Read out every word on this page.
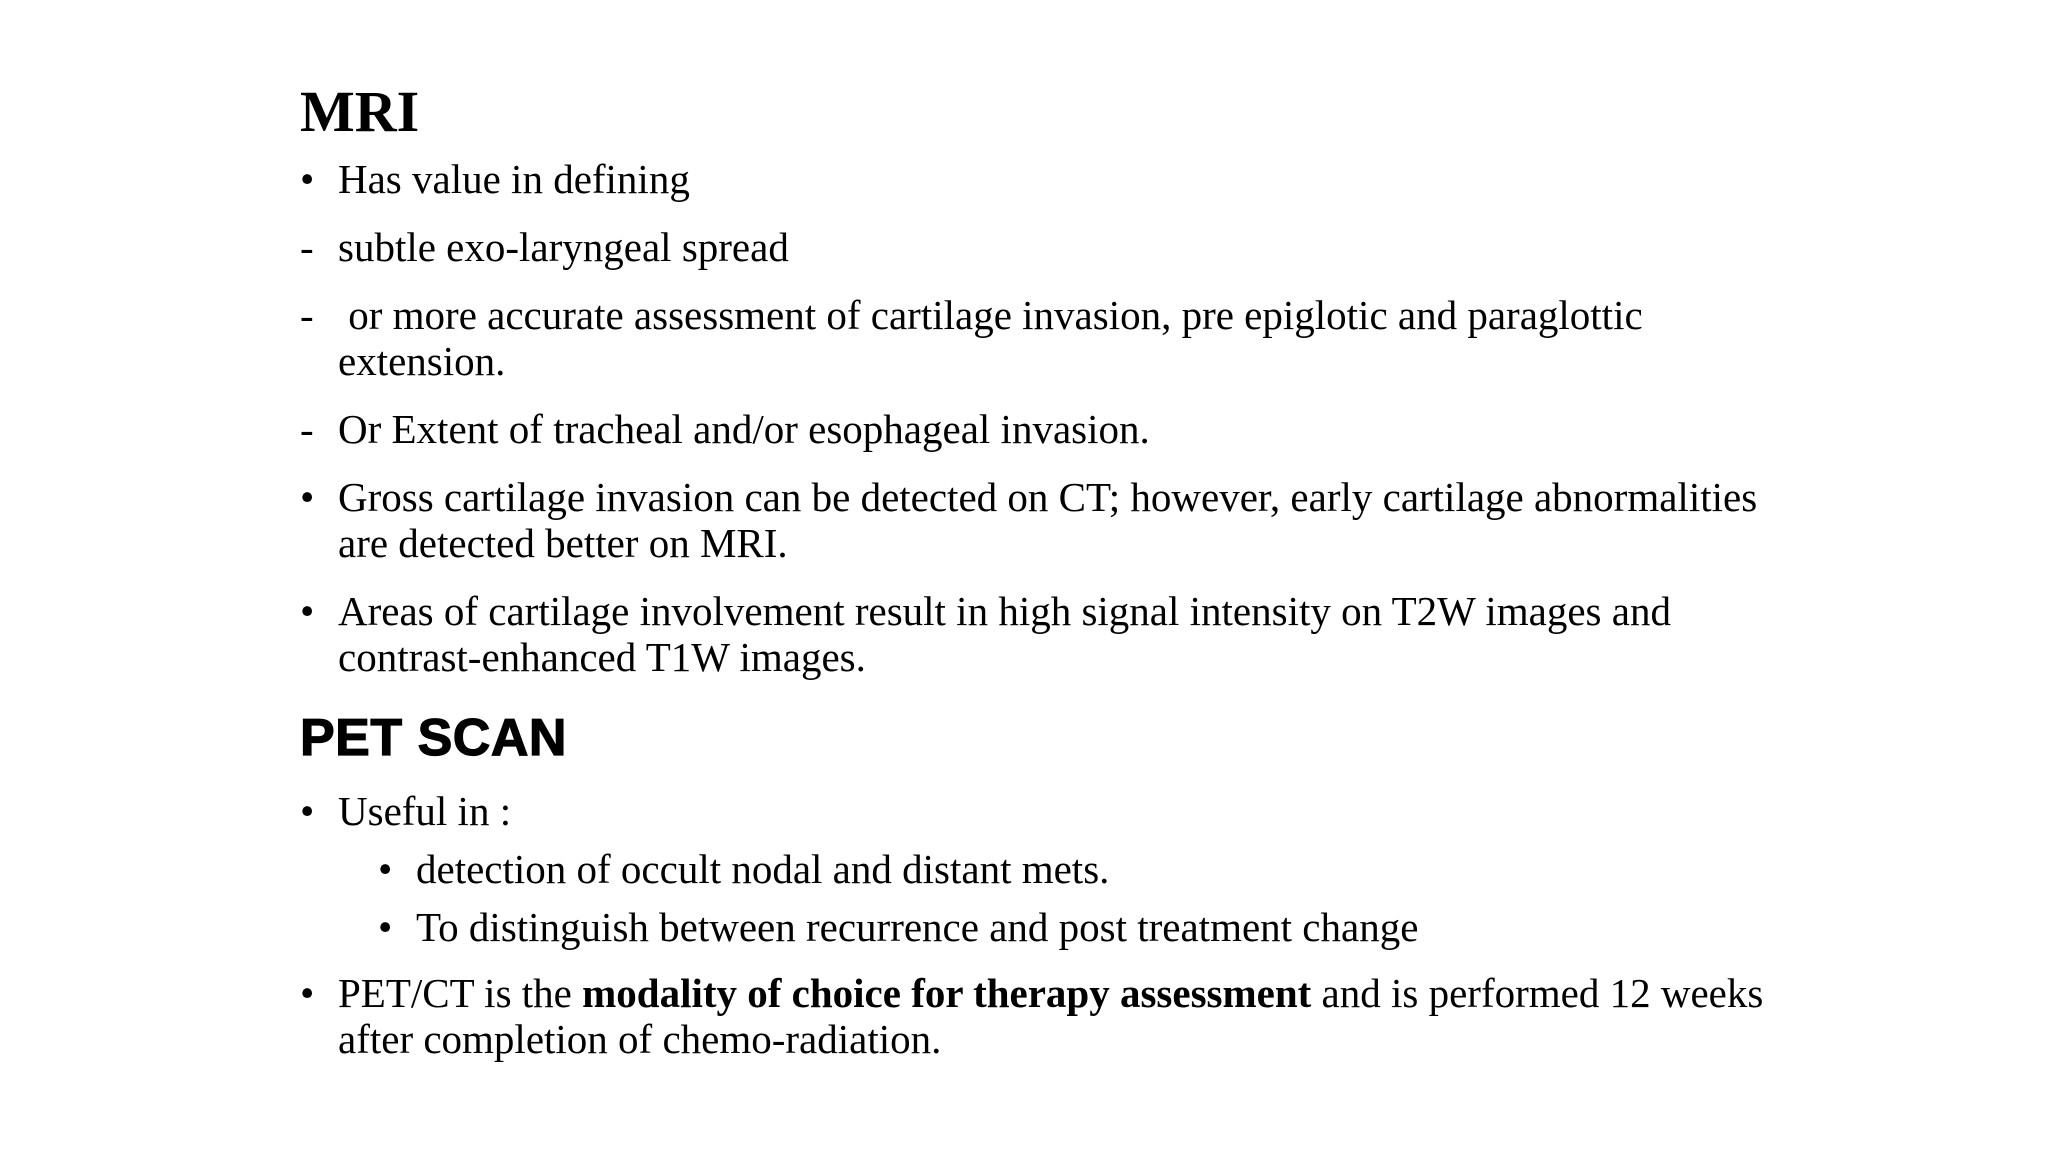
MRI
• Has value in defining
- subtle exo-laryngeal spread
- or more accurate assessment of cartilage invasion, pre epiglotic and paraglottic extension.
- Or Extent of tracheal and/or esophageal invasion.
• Gross cartilage invasion can be detected on CT; however, early cartilage abnormalities are detected better on MRI.
• Areas of cartilage involvement result in high signal intensity on T2W images and contrast-enhanced T1W images.
PET SCAN
• Useful in :
• detection of occult nodal and distant mets.
• To distinguish between recurrence and post treatment change
• PET/CT is the modality of choice for therapy assessment and is performed 12 weeks after completion of chemo-radiation.
